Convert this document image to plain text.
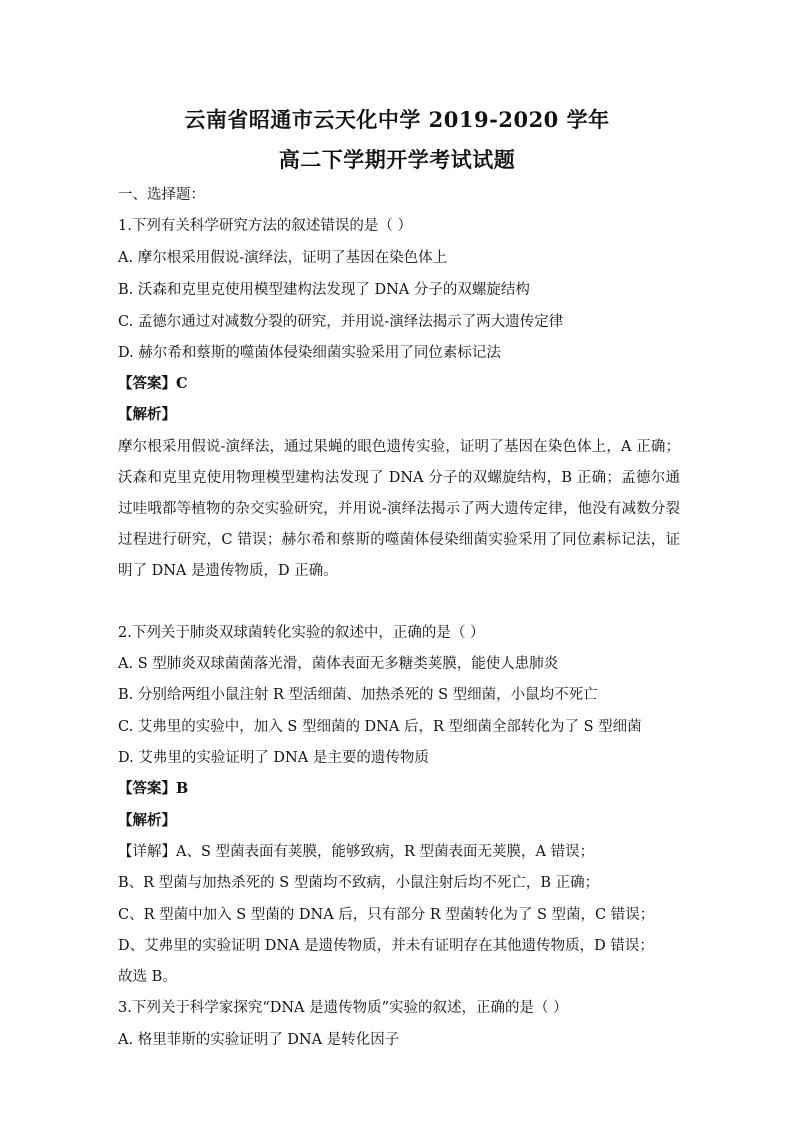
云南省昭通市云天化中学 2019-2020 学年
高二下学期开学考试试题
一、选择题：
1.下列有关科学研究方法的叙述错误的是（ ）
A. 摩尔根采用假说-演绎法，证明了基因在染色体上
B. 沃森和克里克使用模型建构法发现了 DNA 分子的双螺旋结构
C. 孟德尔通过对减数分裂的研究，并用说-演绎法揭示了两大遗传定律
D. 赫尔希和蔡斯的噬菌体侵染细菌实验采用了同位素标记法
【答案】C
【解析】
摩尔根采用假说-演绎法，通过果蝇的眼色遗传实验，证明了基因在染色体上，A 正确；沃森和克里克使用物理模型建构法发现了 DNA 分子的双螺旋结构，B 正确；孟德尔通过哇哦都等植物的杂交实验研究，并用说-演绎法揭示了两大遗传定律，他没有减数分裂过程进行研究，C 错误；赫尔希和蔡斯的噬菌体侵染细菌实验采用了同位素标记法，证明了 DNA 是遗传物质，D 正确。
2.下列关于肺炎双球菌转化实验的叙述中，正确的是（ ）
A. S 型肺炎双球菌菌落光滑，菌体表面无多糖类荚膜，能使人患肺炎
B. 分别给两组小鼠注射 R 型活细菌、加热杀死的 S 型细菌，小鼠均不死亡
C. 艾弗里的实验中，加入 S 型细菌的 DNA 后，R 型细菌全部转化为了 S 型细菌
D. 艾弗里的实验证明了 DNA 是主要的遗传物质
【答案】B
【解析】
【详解】A、S 型菌表面有荚膜，能够致病，R 型菌表面无荚膜，A 错误；
B、R 型菌与加热杀死的 S 型菌均不致病，小鼠注射后均不死亡，B 正确；
C、R 型菌中加入 S 型菌的 DNA 后，只有部分 R 型菌转化为了 S 型菌，C 错误；
D、艾弗里的实验证明 DNA 是遗传物质，并未有证明存在其他遗传物质，D 错误；
故选 B。
3.下列关于科学家探究“DNA 是遗传物质”实验的叙述，正确的是（ ）
A. 格里菲斯的实验证明了 DNA 是转化因子
